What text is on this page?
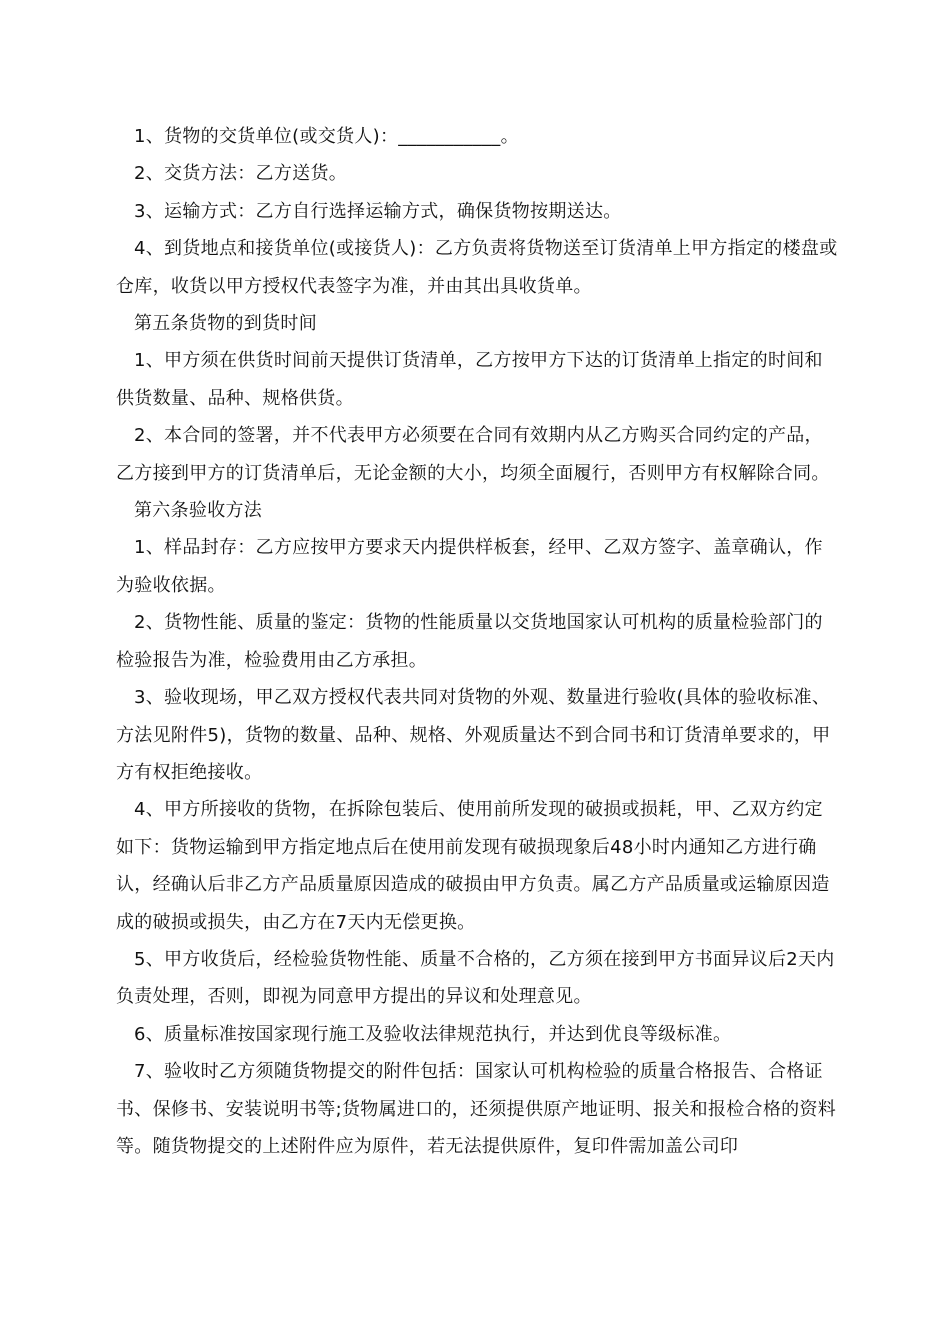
1、货物的交货单位(或交货人)：___________。

2、交货方法：乙方送货。

3、运输方式：乙方自行选择运输方式，确保货物按期送达。

4、到货地点和接货单位(或接货人)：乙方负责将货物送至订货清单上甲方指定的楼盘或仓库，收货以甲方授权代表签字为准，并由其出具收货单。

第五条货物的到货时间

1、甲方须在供货时间前天提供订货清单，乙方按甲方下达的订货清单上指定的时间和供货数量、品种、规格供货。

2、本合同的签署，并不代表甲方必须要在合同有效期内从乙方购买合同约定的产品，乙方接到甲方的订货清单后，无论金额的大小，均须全面履行，否则甲方有权解除合同。

第六条验收方法

1、样品封存：乙方应按甲方要求天内提供样板套，经甲、乙双方签字、盖章确认，作为验收依据。

2、货物性能、质量的鉴定：货物的性能质量以交货地国家认可机构的质量检验部门的检验报告为准，检验费用由乙方承担。

3、验收现场，甲乙双方授权代表共同对货物的外观、数量进行验收(具体的验收标准、方法见附件5)，货物的数量、品种、规格、外观质量达不到合同书和订货清单要求的，甲方有权拒绝接收。

4、甲方所接收的货物，在拆除包装后、使用前所发现的破损或损耗，甲、乙双方约定如下：货物运输到甲方指定地点后在使用前发现有破损现象后48小时内通知乙方进行确认，经确认后非乙方产品质量原因造成的破损由甲方负责。属乙方产品质量或运输原因造成的破损或损失，由乙方在7天内无偿更换。

5、甲方收货后，经检验货物性能、质量不合格的，乙方须在接到甲方书面异议后2天内负责处理，否则，即视为同意甲方提出的异议和处理意见。

6、质量标准按国家现行施工及验收法律规范执行，并达到优良等级标准。

7、验收时乙方须随货物提交的附件包括：国家认可机构检验的质量合格报告、合格证书、保修书、安装说明书等;货物属进口的，还须提供原产地证明、报关和报检合格的资料等。随货物提交的上述附件应为原件，若无法提供原件，复印件需加盖公司印
